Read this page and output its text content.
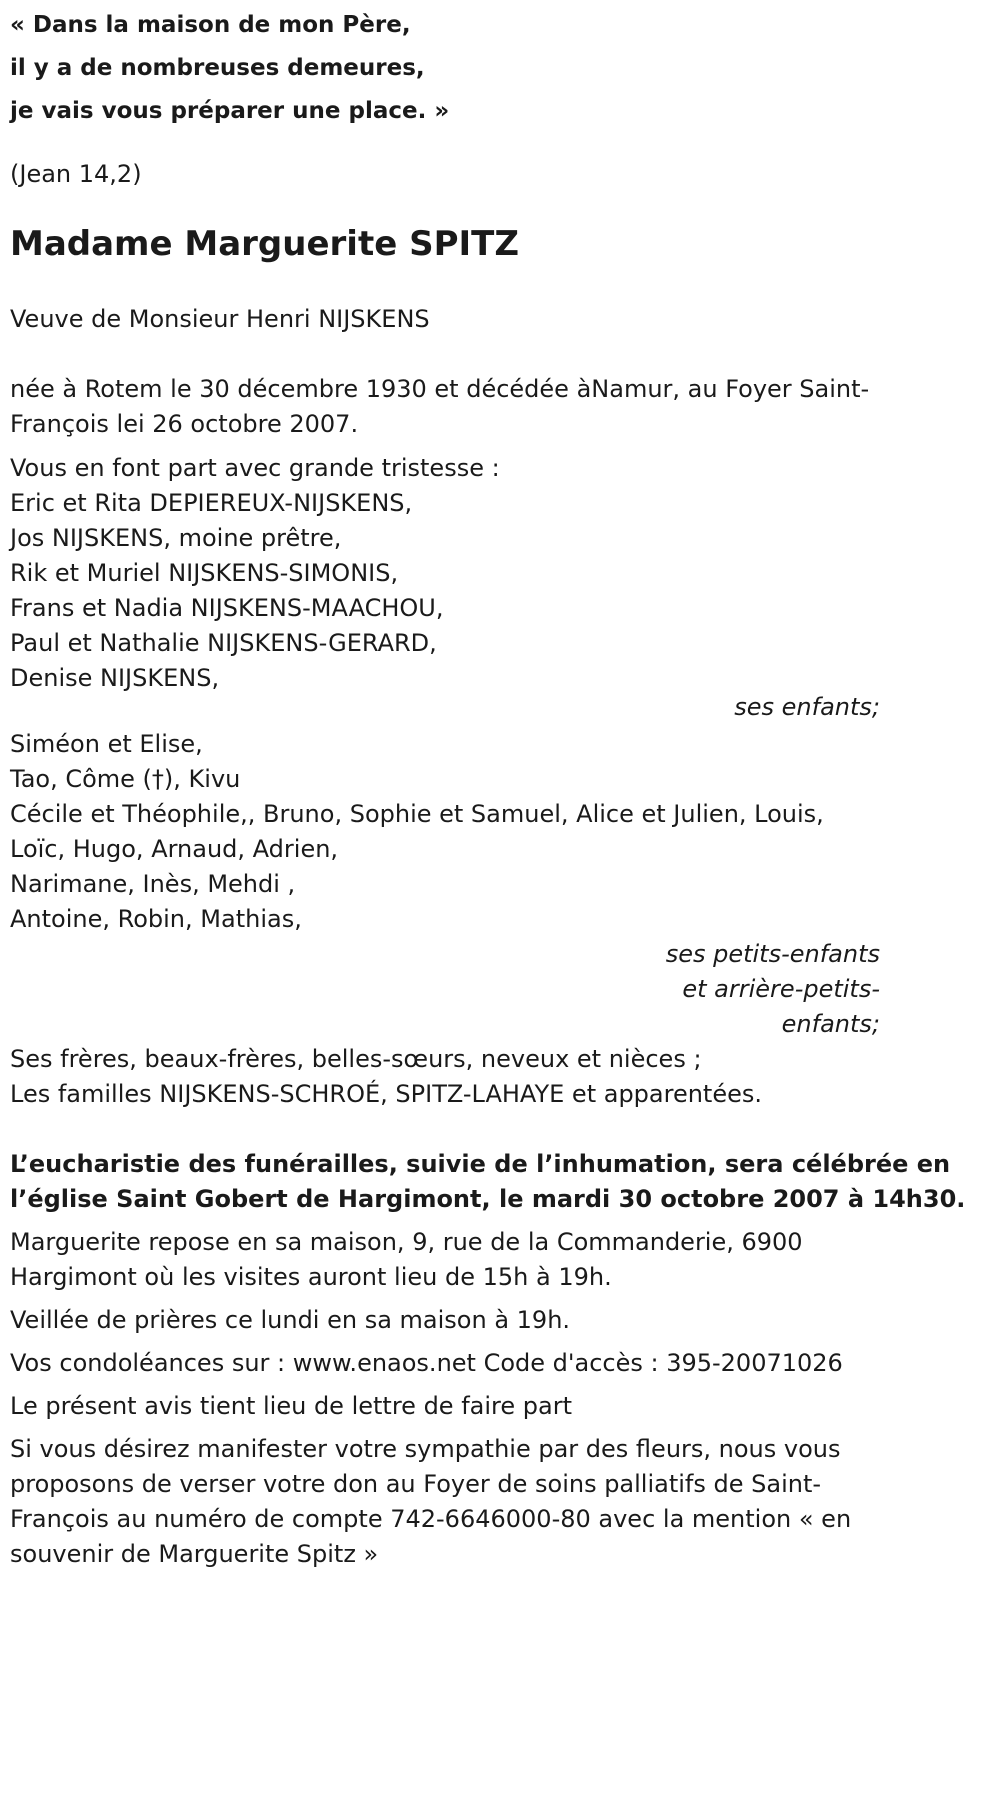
« Dans la maison de mon Père,
il y a de nombreuses demeures,
je vais vous préparer une place. »
(Jean 14,2)
Madame Marguerite SPITZ
Veuve de Monsieur Henri NIJSKENS
née à Rotem le 30 décembre 1930 et décédée àNamur, au Foyer Saint-
François lei 26 octobre 2007.
Vous en font part avec grande tristesse :
Eric et Rita DEPIEREUX-NIJSKENS,
Jos NIJSKENS, moine prêtre,
Rik et Muriel NIJSKENS-SIMONIS,
Frans et Nadia NIJSKENS-MAACHOU,
Paul et Nathalie NIJSKENS-GERARD,
Denise NIJSKENS,
ses enfants;
Siméon et Elise,
Tao, Côme (†), Kivu
Cécile et Théophile,, Bruno, Sophie et Samuel, Alice et Julien, Louis,
Loïc, Hugo, Arnaud, Adrien,
Narimane, Inès, Mehdi ,
Antoine, Robin, Mathias,
ses petits-enfants
et arrière-petits-
enfants;
Ses frères, beaux-frères, belles-sœurs, neveux et nièces ;
Les familles NIJSKENS-SCHROÉ, SPITZ-LAHAYE et apparentées.
L’eucharistie des funérailles, suivie de l’inhumation, sera célébrée en
l’église Saint Gobert de Hargimont, le mardi 30 octobre 2007 à 14h30.
Marguerite repose en sa maison, 9, rue de la Commanderie, 6900
Hargimont où les visites auront lieu de 15h à 19h.
Veillée de prières ce lundi en sa maison à 19h.
Vos condoléances sur : www.enaos.net Code d'accès : 395-20071026
Le présent avis tient lieu de lettre de faire part
Si vous désirez manifester votre sympathie par des fleurs, nous vous
proposons de verser votre don au Foyer de soins palliatifs de Saint-
François au numéro de compte 742-6646000-80 avec la mention « en
souvenir de Marguerite Spitz »
